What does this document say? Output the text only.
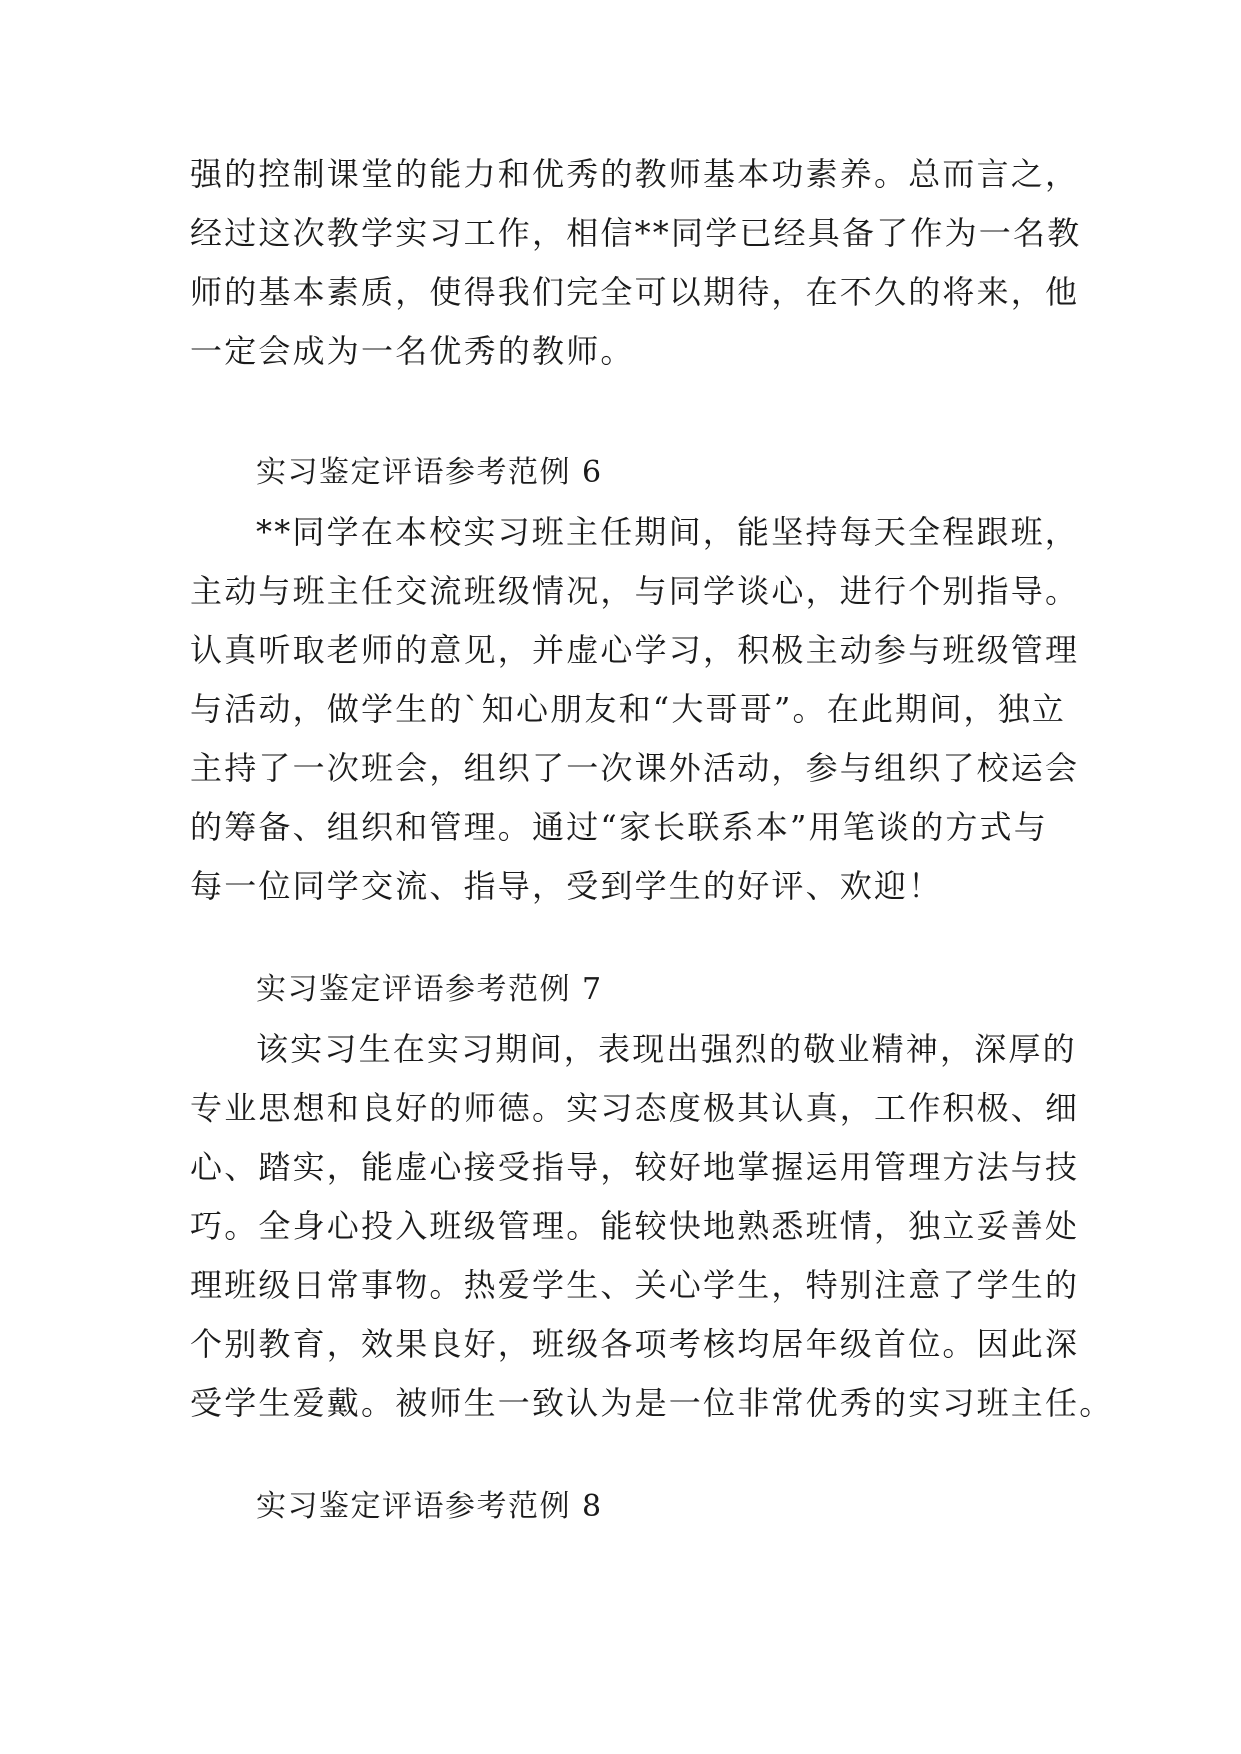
强的控制课堂的能力和优秀的教师基本功素养。总而言之，
经过这次教学实习工作，相信**同学已经具备了作为一名教
师的基本素质，使得我们完全可以期待，在不久的将来，他
一定会成为一名优秀的教师。
实习鉴定评语参考范例 6
**同学在本校实习班主任期间，能坚持每天全程跟班，
主动与班主任交流班级情况，与同学谈心，进行个别指导。
认真听取老师的意见，并虚心学习，积极主动参与班级管理
与活动，做学生的`知心朋友和“大哥哥”。在此期间，独立
主持了一次班会，组织了一次课外活动，参与组织了校运会
的筹备、组织和管理。通过“家长联系本”用笔谈的方式与
每一位同学交流、指导，受到学生的好评、欢迎！
实习鉴定评语参考范例 7
该实习生在实习期间，表现出强烈的敬业精神，深厚的
专业思想和良好的师德。实习态度极其认真，工作积极、细
心、踏实，能虚心接受指导，较好地掌握运用管理方法与技
巧。全身心投入班级管理。能较快地熟悉班情，独立妥善处
理班级日常事物。热爱学生、关心学生，特别注意了学生的
个别教育，效果良好，班级各项考核均居年级首位。因此深
受学生爱戴。被师生一致认为是一位非常优秀的实习班主任。
实习鉴定评语参考范例 8
